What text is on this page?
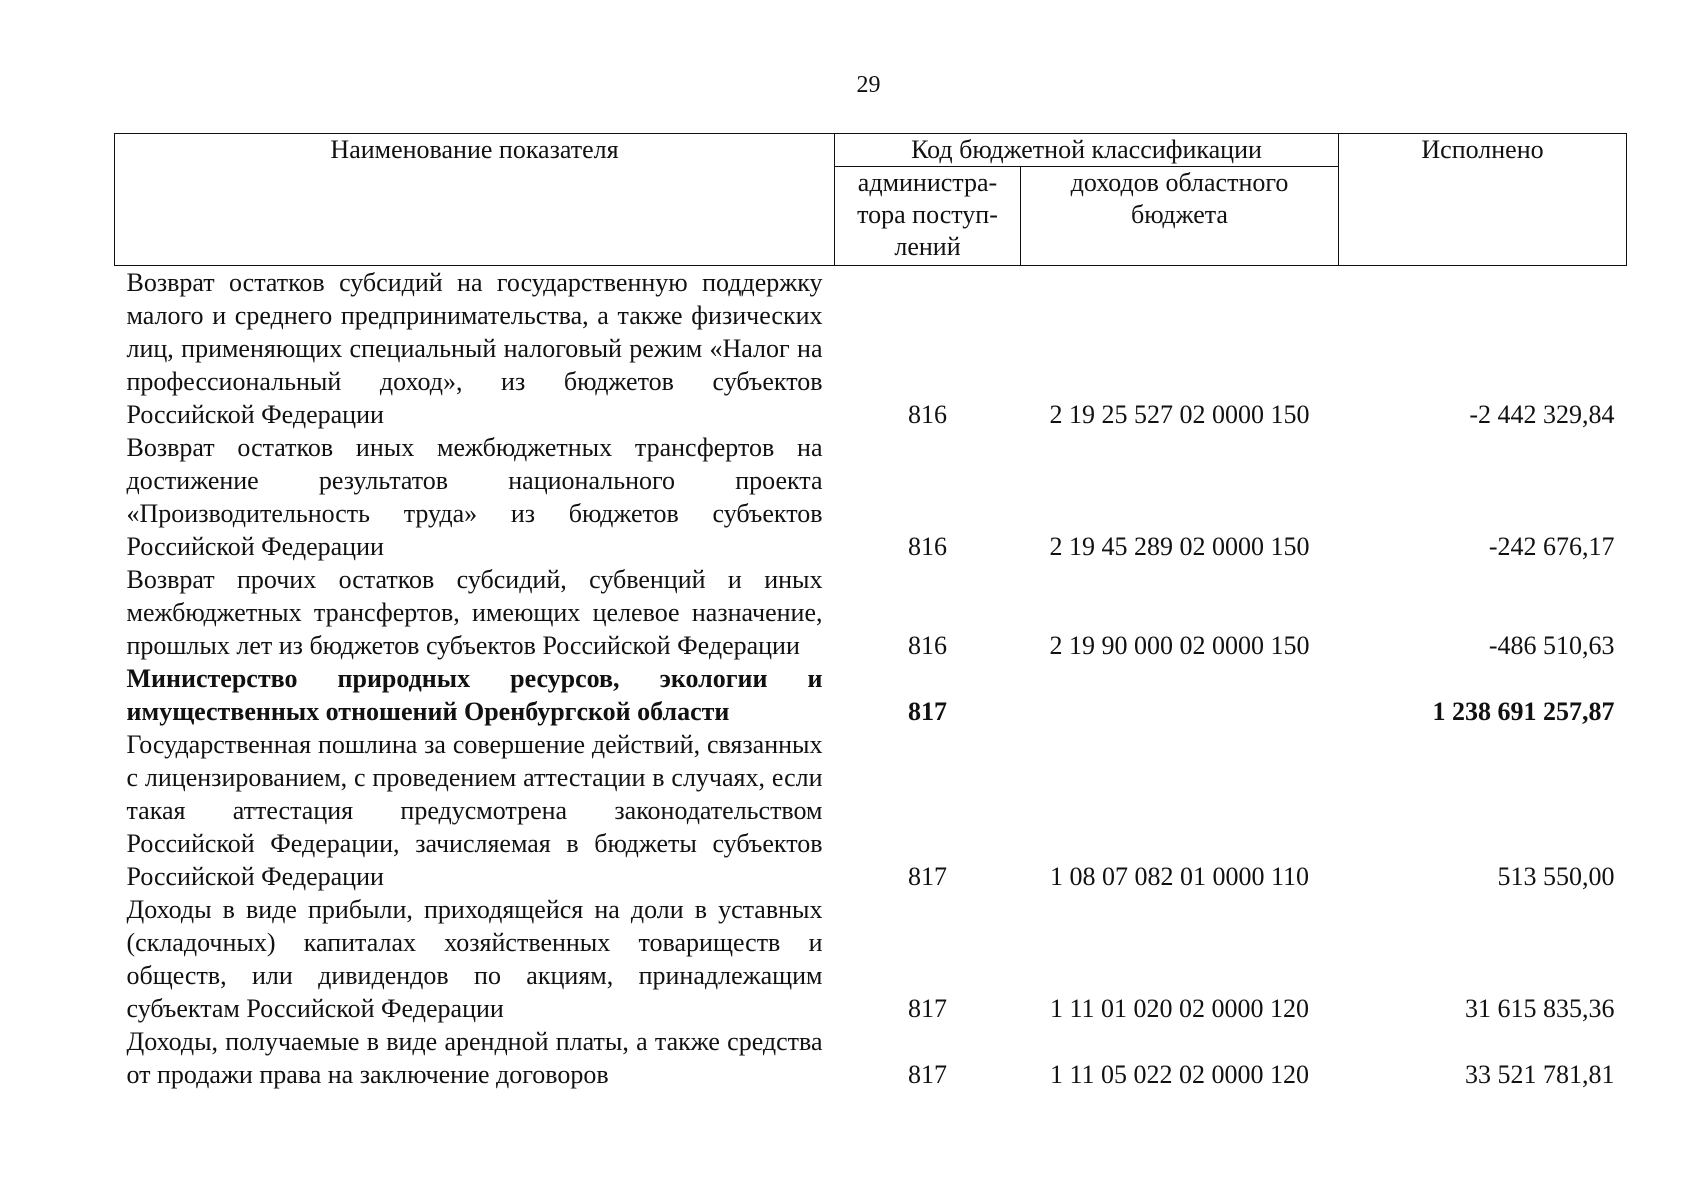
29
Наименование показателя	Код бюджетной классификации		Исполнено
	администра-тора поступ-лений	доходов областного бюджета	
Возврат остатков субсидий на государственную поддержку малого и среднего предпринимательства, а также физических лиц, применяющих специальный налоговый режим «Налог на профессиональный доход», из бюджетов субъектов Российской Федерации	816	2 19 25 527 02 0000 150	-2 442 329,84
Возврат остатков иных межбюджетных трансфертов на достижение результатов национального проекта «Производительность труда» из бюджетов субъектов Российской Федерации	816	2 19 45 289 02 0000 150	-242 676,17
Возврат прочих остатков субсидий, субвенций и иных межбюджетных трансфертов, имеющих целевое назначение, прошлых лет из бюджетов субъектов Российской Федерации	816	2 19 90 000 02 0000 150	-486 510,63
Министерство природных ресурсов, экологии и имущественных отношений Оренбургской области	817		1 238 691 257,87
Государственная пошлина за совершение действий, связанных с лицензированием, с проведением аттестации в случаях, если такая аттестация предусмотрена законодательством Российской Федерации, зачисляемая в бюджеты субъектов Российской Федерации	817	1 08 07 082 01 0000 110	513 550,00
Доходы в виде прибыли, приходящейся на доли в уставных (складочных) капиталах хозяйственных товариществ и обществ, или дивидендов по акциям, принадлежащим субъектам Российской Федерации	817	1 11 01 020 02 0000 120	31 615 835,36
Доходы, получаемые в виде арендной платы, а также средства от продажи права на заключение договоров	817	1 11 05 022 02 0000 120	33 521 781,81
